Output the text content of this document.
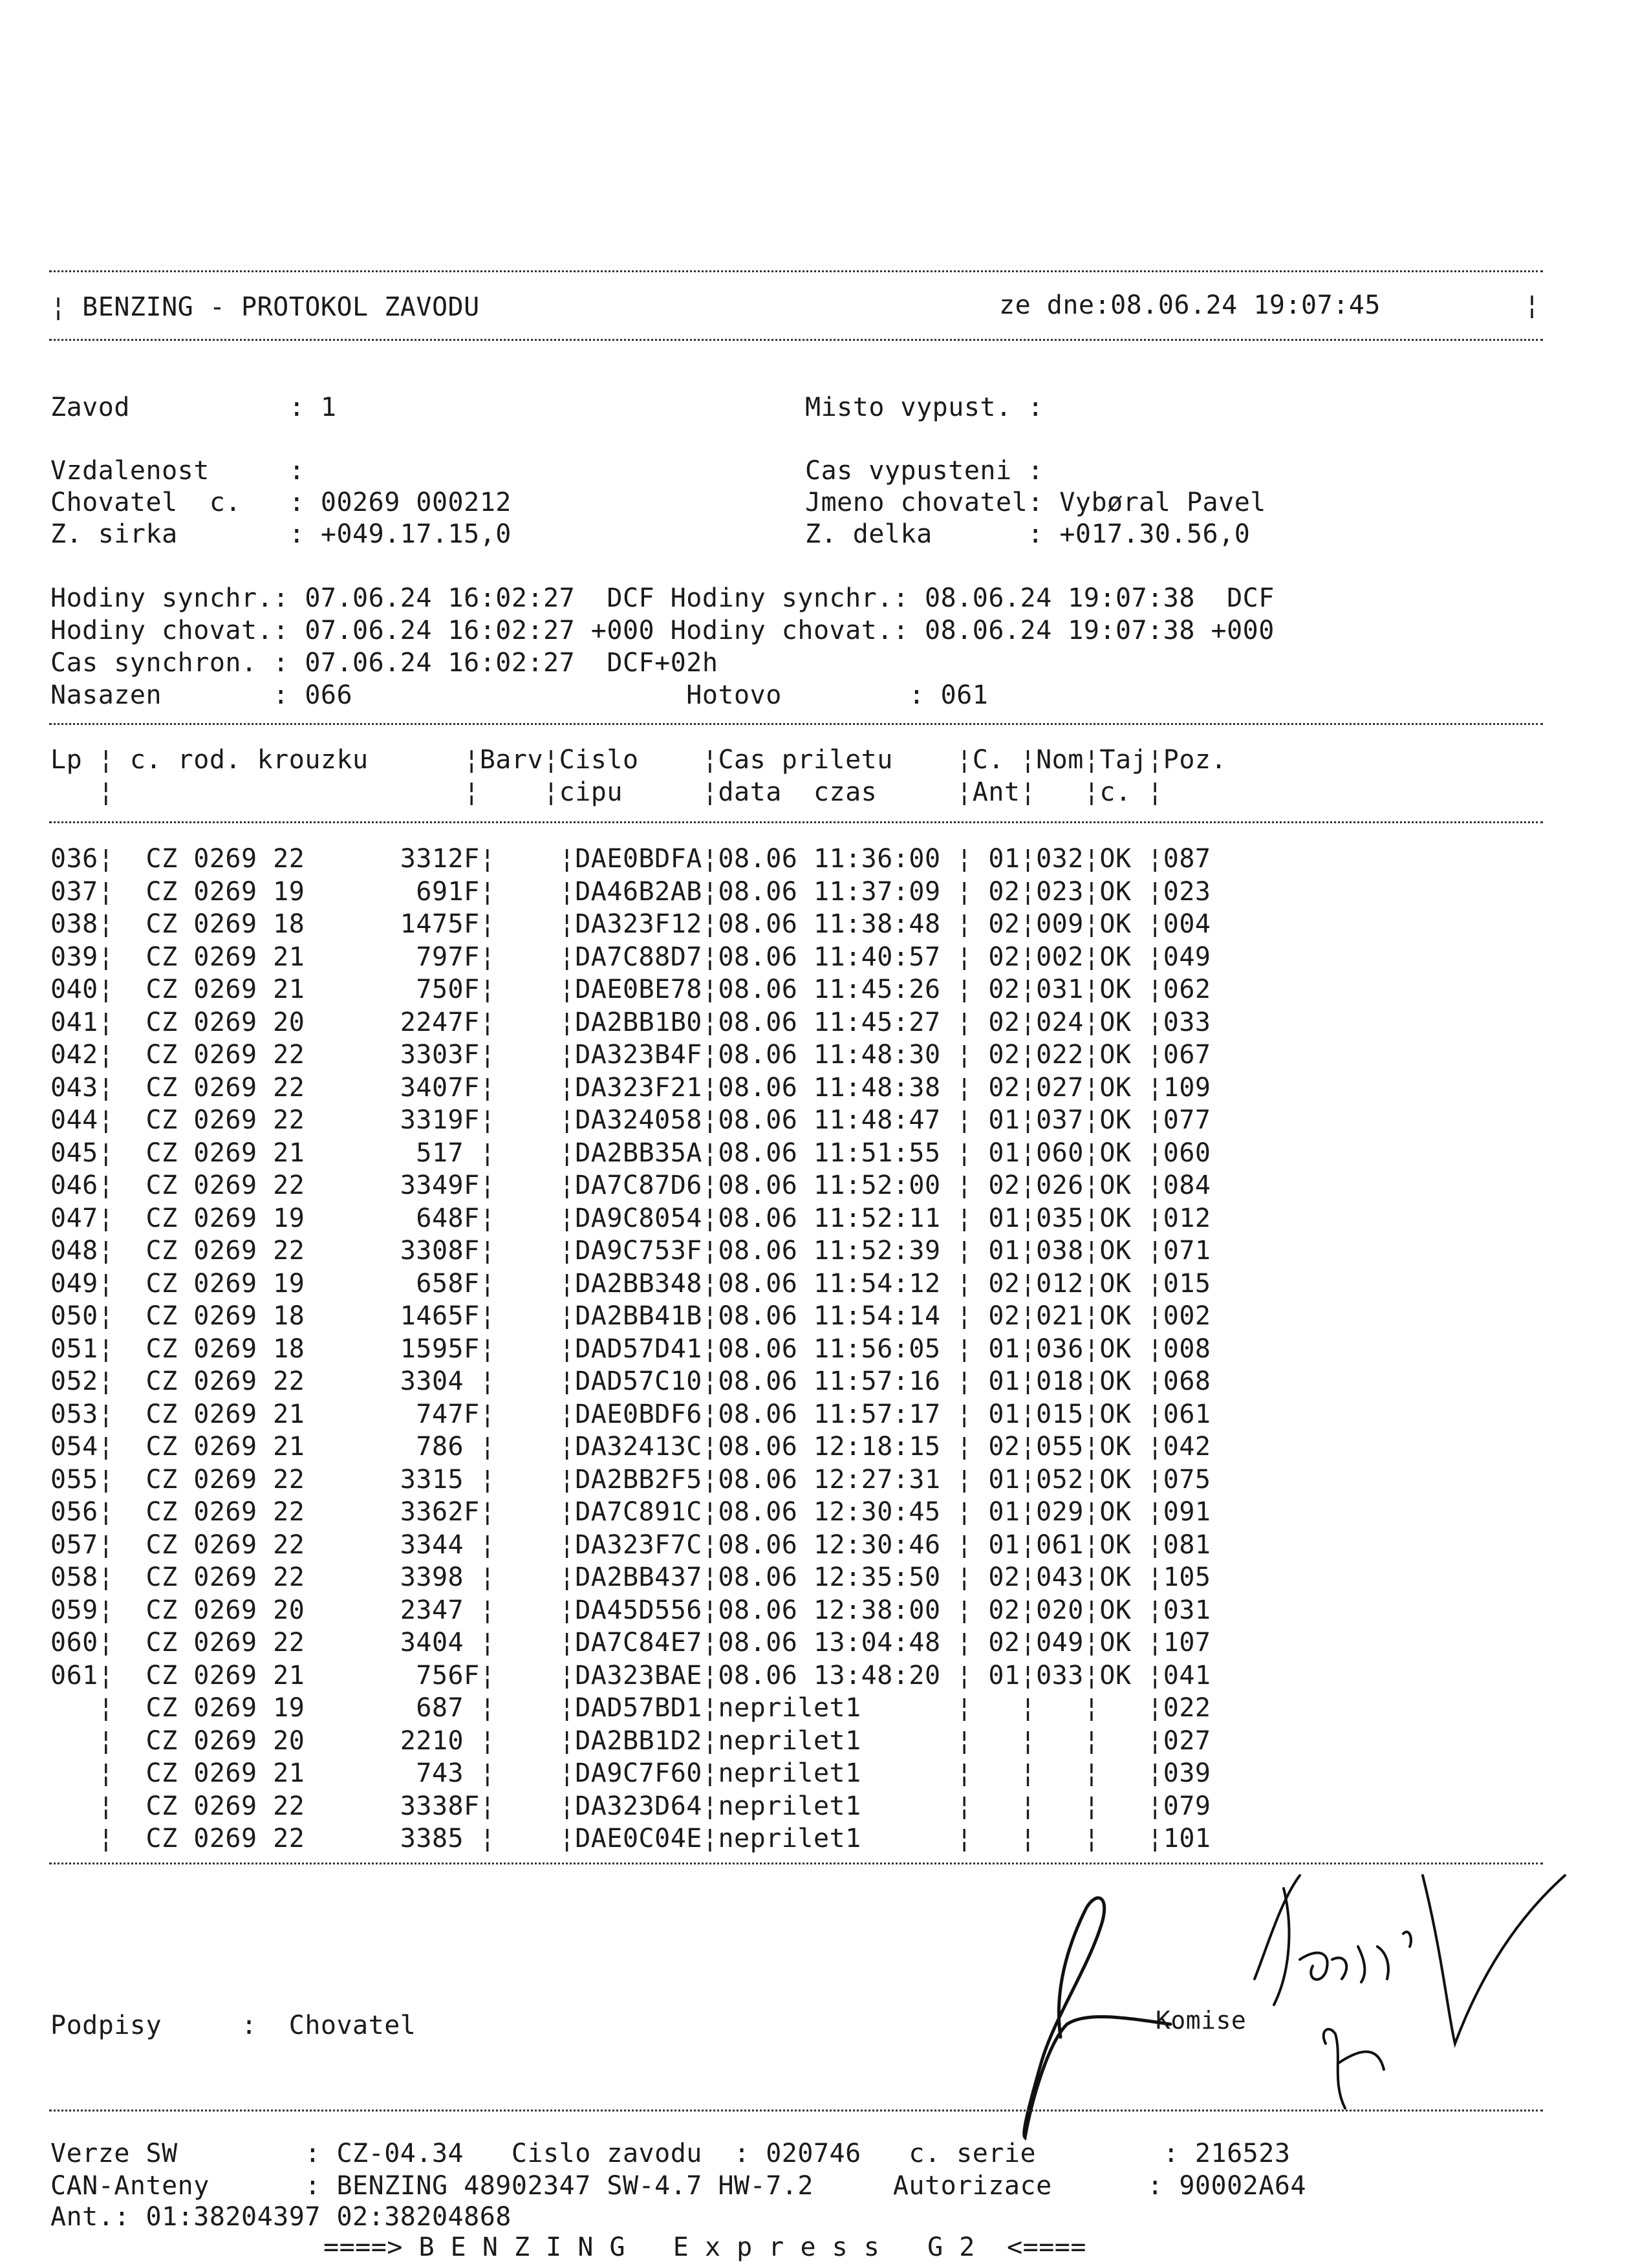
¦ BENZING - PROTOKOL ZAVODU	ze dne:08.06.24 19:07:45	¦
Zavod          : 1
Vzdalenost     :
Chovatel  c.   : 00269 000212
Z. sirka       : +049.17.15,0
Misto vypust. :
Cas vypusteni :
Jmeno chovatel: Vybøral Pavel
Z. delka      : +017.30.56,0
Hodiny synchr.: 07.06.24 16:02:27  DCF Hodiny synchr.: 08.06.24 19:07:38  DCF
Hodiny chovat.: 07.06.24 16:02:27 +000 Hodiny chovat.: 08.06.24 19:07:38 +000
Cas synchron. : 07.06.24 16:02:27  DCF+02h
Nasazen       : 066                     Hotovo        : 061
Lp ¦ c. rod. krouzku      ¦Barv¦Cislo    ¦Cas priletu    ¦C. ¦Nom¦Taj¦Poz.
¦                      ¦    ¦cipu     ¦data  czas     ¦Ant¦   ¦c. ¦
036¦  CZ 0269 22      3312F¦    ¦DAE0BDFA¦08.06 11:36:00 ¦ 01¦032¦OK ¦087
037¦  CZ 0269 19       691F¦    ¦DA46B2AB¦08.06 11:37:09 ¦ 02¦023¦OK ¦023
038¦  CZ 0269 18      1475F¦    ¦DA323F12¦08.06 11:38:48 ¦ 02¦009¦OK ¦004
039¦  CZ 0269 21       797F¦    ¦DA7C88D7¦08.06 11:40:57 ¦ 02¦002¦OK ¦049
040¦  CZ 0269 21       750F¦    ¦DAE0BE78¦08.06 11:45:26 ¦ 02¦031¦OK ¦062
041¦  CZ 0269 20      2247F¦    ¦DA2BB1B0¦08.06 11:45:27 ¦ 02¦024¦OK ¦033
042¦  CZ 0269 22      3303F¦    ¦DA323B4F¦08.06 11:48:30 ¦ 02¦022¦OK ¦067
043¦  CZ 0269 22      3407F¦    ¦DA323F21¦08.06 11:48:38 ¦ 02¦027¦OK ¦109
044¦  CZ 0269 22      3319F¦    ¦DA324058¦08.06 11:48:47 ¦ 01¦037¦OK ¦077
045¦  CZ 0269 21       517 ¦    ¦DA2BB35A¦08.06 11:51:55 ¦ 01¦060¦OK ¦060
046¦  CZ 0269 22      3349F¦    ¦DA7C87D6¦08.06 11:52:00 ¦ 02¦026¦OK ¦084
047¦  CZ 0269 19       648F¦    ¦DA9C8054¦08.06 11:52:11 ¦ 01¦035¦OK ¦012
048¦  CZ 0269 22      3308F¦    ¦DA9C753F¦08.06 11:52:39 ¦ 01¦038¦OK ¦071
049¦  CZ 0269 19       658F¦    ¦DA2BB348¦08.06 11:54:12 ¦ 02¦012¦OK ¦015
050¦  CZ 0269 18      1465F¦    ¦DA2BB41B¦08.06 11:54:14 ¦ 02¦021¦OK ¦002
051¦  CZ 0269 18      1595F¦    ¦DAD57D41¦08.06 11:56:05 ¦ 01¦036¦OK ¦008
052¦  CZ 0269 22      3304 ¦    ¦DAD57C10¦08.06 11:57:16 ¦ 01¦018¦OK ¦068
053¦  CZ 0269 21       747F¦    ¦DAE0BDF6¦08.06 11:57:17 ¦ 01¦015¦OK ¦061
054¦  CZ 0269 21       786 ¦    ¦DA32413C¦08.06 12:18:15 ¦ 02¦055¦OK ¦042
055¦  CZ 0269 22      3315 ¦    ¦DA2BB2F5¦08.06 12:27:31 ¦ 01¦052¦OK ¦075
056¦  CZ 0269 22      3362F¦    ¦DA7C891C¦08.06 12:30:45 ¦ 01¦029¦OK ¦091
057¦  CZ 0269 22      3344 ¦    ¦DA323F7C¦08.06 12:30:46 ¦ 01¦061¦OK ¦081
058¦  CZ 0269 22      3398 ¦    ¦DA2BB437¦08.06 12:35:50 ¦ 02¦043¦OK ¦105
059¦  CZ 0269 20      2347 ¦    ¦DA45D556¦08.06 12:38:00 ¦ 02¦020¦OK ¦031
060¦  CZ 0269 22      3404 ¦    ¦DA7C84E7¦08.06 13:04:48 ¦ 02¦049¦OK ¦107
061¦  CZ 0269 21       756F¦    ¦DA323BAE¦08.06 13:48:20 ¦ 01¦033¦OK ¦041
¦  CZ 0269 19       687 ¦    ¦DAD57BD1¦neprilet1      ¦   ¦   ¦   ¦022
¦  CZ 0269 20      2210 ¦    ¦DA2BB1D2¦neprilet1      ¦   ¦   ¦   ¦027
¦  CZ 0269 21       743 ¦    ¦DA9C7F60¦neprilet1      ¦   ¦   ¦   ¦039
¦  CZ 0269 22      3338F¦    ¦DA323D64¦neprilet1      ¦   ¦   ¦   ¦079
¦  CZ 0269 22      3385 ¦    ¦DAE0C04E¦neprilet1      ¦   ¦   ¦   ¦101
Podpisy     :  Chovatel	Komise
Verze SW        : CZ-04.34   Cislo zavodu  : 020746   c. serie        : 216523
CAN-Anteny      : BENZING 48902347 SW-4.7 HW-7.2     Autorizace      : 90002A64
Ant.: 01:38204397 02:38204868
====> B E N Z I N G   E x p r e s s   G 2  <====
